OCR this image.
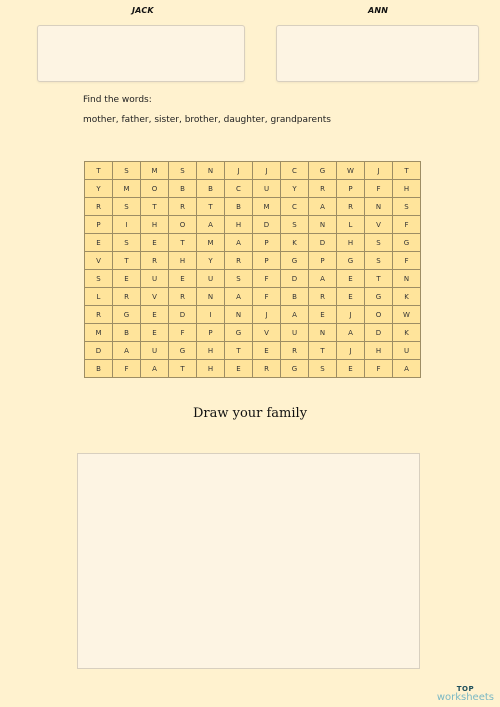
JACK	ANN
Find the words:
mother, father, sister, brother, daughter, grandparents
T	S	M	S	N	J	J	C	G	W	J	T
Y	M	O	B	B	C	U	Y	R	P	F	H
R	S	T	R	T	B	M	C	A	R	N	S
P	I	H	O	A	H	D	S	N	L	V	F
E	S	E	T	M	A	P	K	D	H	S	G
V	T	R	H	Y	R	P	G	P	G	S	F
S	E	U	E	U	S	F	D	A	E	T	N
L	R	V	R	N	A	F	B	R	E	G	K
R	G	E	D	I	N	J	A	E	J	O	W
M	B	E	F	P	G	V	U	N	A	D	K
D	A	U	G	H	T	E	R	T	J	H	U
B	F	A	T	H	E	R	G	S	E	F	A
Draw your family
TOP
worksheets
